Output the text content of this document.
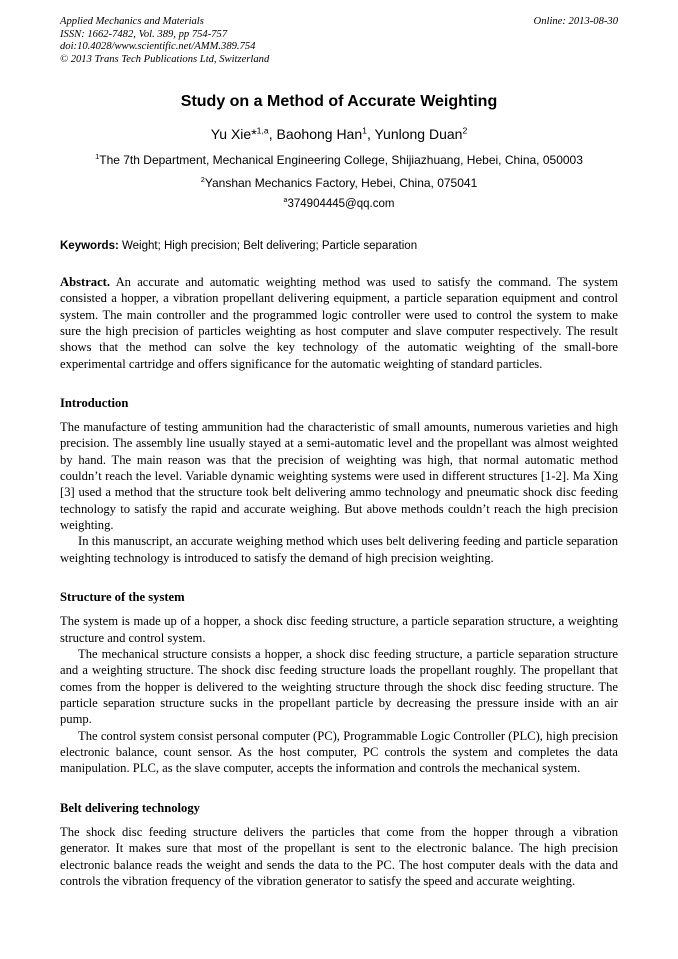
Applied Mechanics and Materials
ISSN: 1662-7482, Vol. 389, pp 754-757
doi:10.4028/www.scientific.net/AMM.389.754
© 2013 Trans Tech Publications Ltd, Switzerland
Online: 2013-08-30
Study on a Method of Accurate Weighting
Yu Xie*$^{1,a}$, Baohong Han$^1$, Yunlong Duan$^2$
$^1$The 7th Department, Mechanical Engineering College, Shijiazhuang, Hebei, China, 050003
$^2$Yanshan Mechanics Factory, Hebei, China, 075041
$^a$374904445@qq.com
Keywords: Weight; High precision; Belt delivering; Particle separation

Abstract. An accurate and automatic weighting method was used to satisfy the command. The system consisted a hopper, a vibration propellant delivering equipment, a particle separation equipment and control system. The main controller and the programmed logic controller were used to control the system to make sure the high precision of particles weighting as host computer and slave computer respectively. The result shows that the method can solve the key technology of the automatic weighting of the small-bore experimental cartridge and offers significance for the automatic weighting of standard particles.

Introduction

The manufacture of testing ammunition had the characteristic of small amounts, numerous varieties and high precision. The assembly line usually stayed at a semi-automatic level and the propellant was almost weighted by hand. The main reason was that the precision of weighting was high, that normal automatic method couldn’t reach the level. Variable dynamic weighting systems were used in different structures [1-2]. Ma Xing [3] used a method that the structure took belt delivering ammo technology and pneumatic shock disc feeding technology to satisfy the rapid and accurate weighing. But above methods couldn’t reach the high precision weighting.

In this manuscript, an accurate weighing method which uses belt delivering feeding and particle separation weighting technology is introduced to satisfy the demand of high precision weighting.

Structure of the system

The system is made up of a hopper, a shock disc feeding structure, a particle separation structure, a weighting structure and control system.

The mechanical structure consists a hopper, a shock disc feeding structure, a particle separation structure and a weighting structure. The shock disc feeding structure loads the propellant roughly. The propellant that comes from the hopper is delivered to the weighting structure through the shock disc feeding structure. The particle separation structure sucks in the propellant particle by decreasing the pressure inside with an air pump.

The control system consist personal computer (PC), Programmable Logic Controller (PLC), high precision electronic balance, count sensor. As the host computer, PC controls the system and completes the data manipulation. PLC, as the slave computer, accepts the information and controls the mechanical system.

Belt delivering technology

The shock disc feeding structure delivers the particles that come from the hopper through a vibration generator. It makes sure that most of the propellant is sent to the electronic balance. The high precision electronic balance reads the weight and sends the data to the PC. The host computer deals with the data and controls the vibration frequency of the vibration generator to satisfy the speed and accurate weighting.
